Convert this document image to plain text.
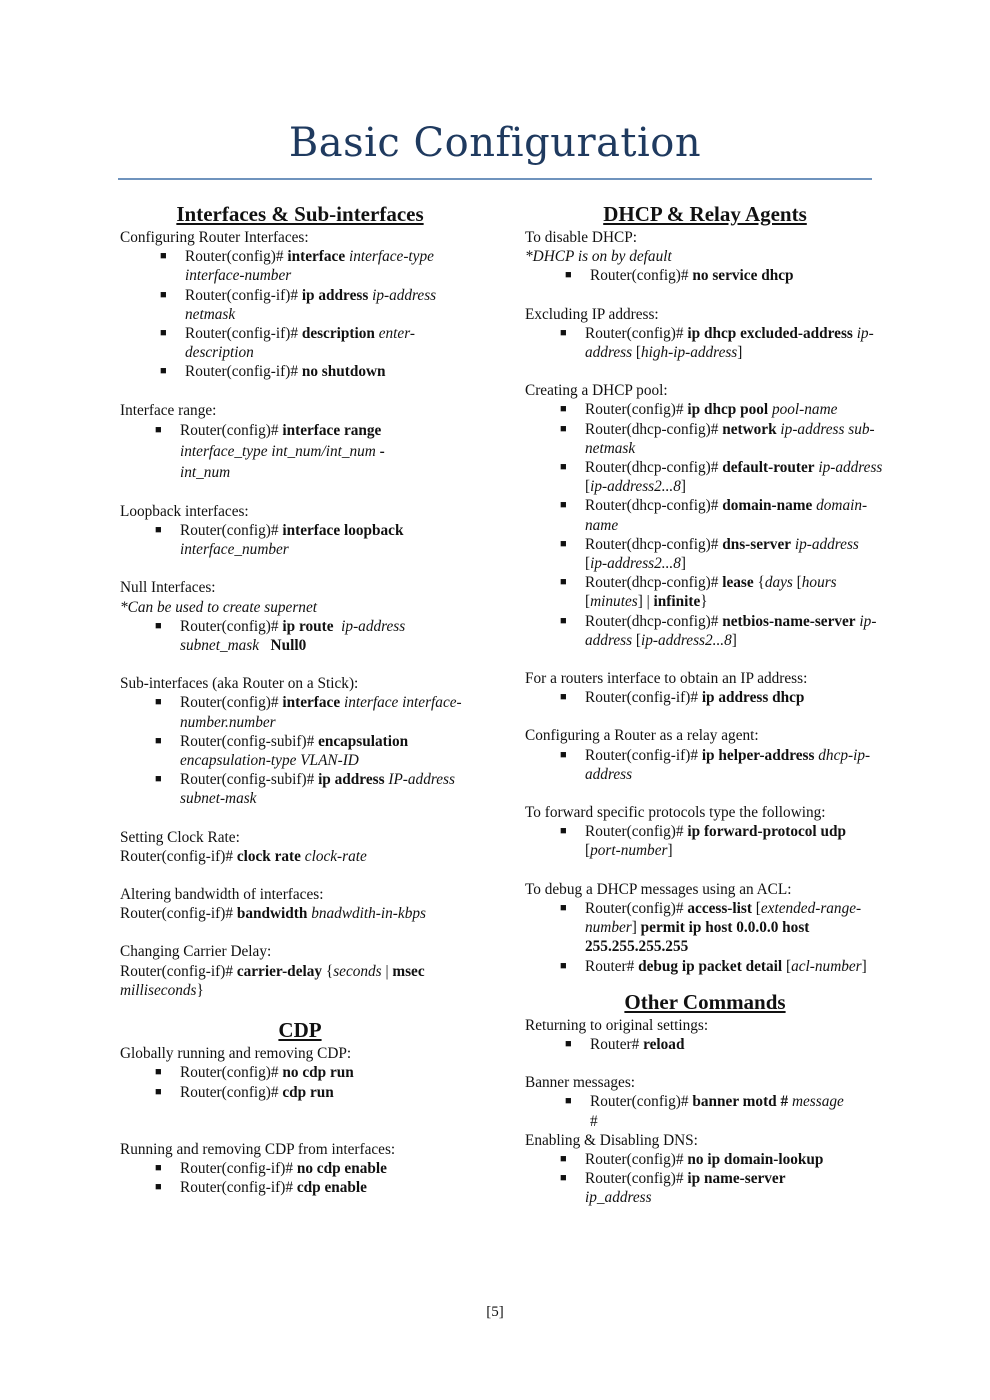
Basic Configuration
Interfaces & Sub-interfaces

Configuring Router Interfaces:

■ Router(config)# interface interface-type interface-number
■ Router(config-if)# ip address ip-address netmask
■ Router(config-if)# description enter-description
■ Router(config-if)# no shutdown

Interface range:

■ Router(config)# interface range
interface_type int_num/int_num -
int_num

Loopback interfaces:

■ Router(config)# interface loopback interface_number

Null Interfaces:

*Can be used to create supernet

■ Router(config)# ip route ip-address subnet_mask Null0

Sub-interfaces (aka Router on a Stick):

■ Router(config)# interface interface interface-number.number
■ Router(config-subif)# encapsulation encapsulation-type VLAN-ID
■ Router(config-subif)# ip address IP-address subnet-mask

Setting Clock Rate:

Router(config-if)# clock rate clock-rate

Altering bandwidth of interfaces:

Router(config-if)# bandwidth bnadwdith-in-kbps

Changing Carrier Delay:

Router(config-if)# carrier-delay {seconds | msec milliseconds}

CDP

Globally running and removing CDP:

■ Router(config)# no cdp run
■ Router(config)# cdp run

Running and removing CDP from interfaces:

■ Router(config-if)# no cdp enable
■ Router(config-if)# cdp enable
DHCP & Relay Agents

To disable DHCP:

*DHCP is on by default

■ Router(config)# no service dhcp

Excluding IP address:

■ Router(config)# ip dhcp excluded-address ip-address [high-ip-address]

Creating a DHCP pool:

■ Router(config)# ip dhcp pool pool-name
■ Router(dhcp-config)# network ip-address sub-netmask
■ Router(dhcp-config)# default-router ip-address [ip-address2...8]
■ Router(dhcp-config)# domain-name domain-name
■ Router(dhcp-config)# dns-server ip-address [ip-address2...8]
■ Router(dhcp-config)# lease {days [hours
[minutes] | infinite}
■ Router(dhcp-config)# netbios-name-server ip-address [ip-address2...8]

For a routers interface to obtain an IP address:

■ Router(config-if)# ip address dhcp

Configuring a Router as a relay agent:

■ Router(config-if)# ip helper-address dhcp-ip-address

To forward specific protocols type the following:

■ Router(config)# ip forward-protocol udp [port-number]

To debug a DHCP messages using an ACL:

■ Router(config)# access-list [extended-range-number] permit ip host 0.0.0.0 host 255.255.255.255
■ Router# debug ip packet detail [acl-number]
Other Commands

Returning to original settings:

■ Router# reload

Banner messages:

■ Router(config)# banner motd # message
#

Enabling & Disabling DNS:

■ Router(config)# no ip domain-lookup
■ Router(config)# ip name-server
ip_address
[5]
